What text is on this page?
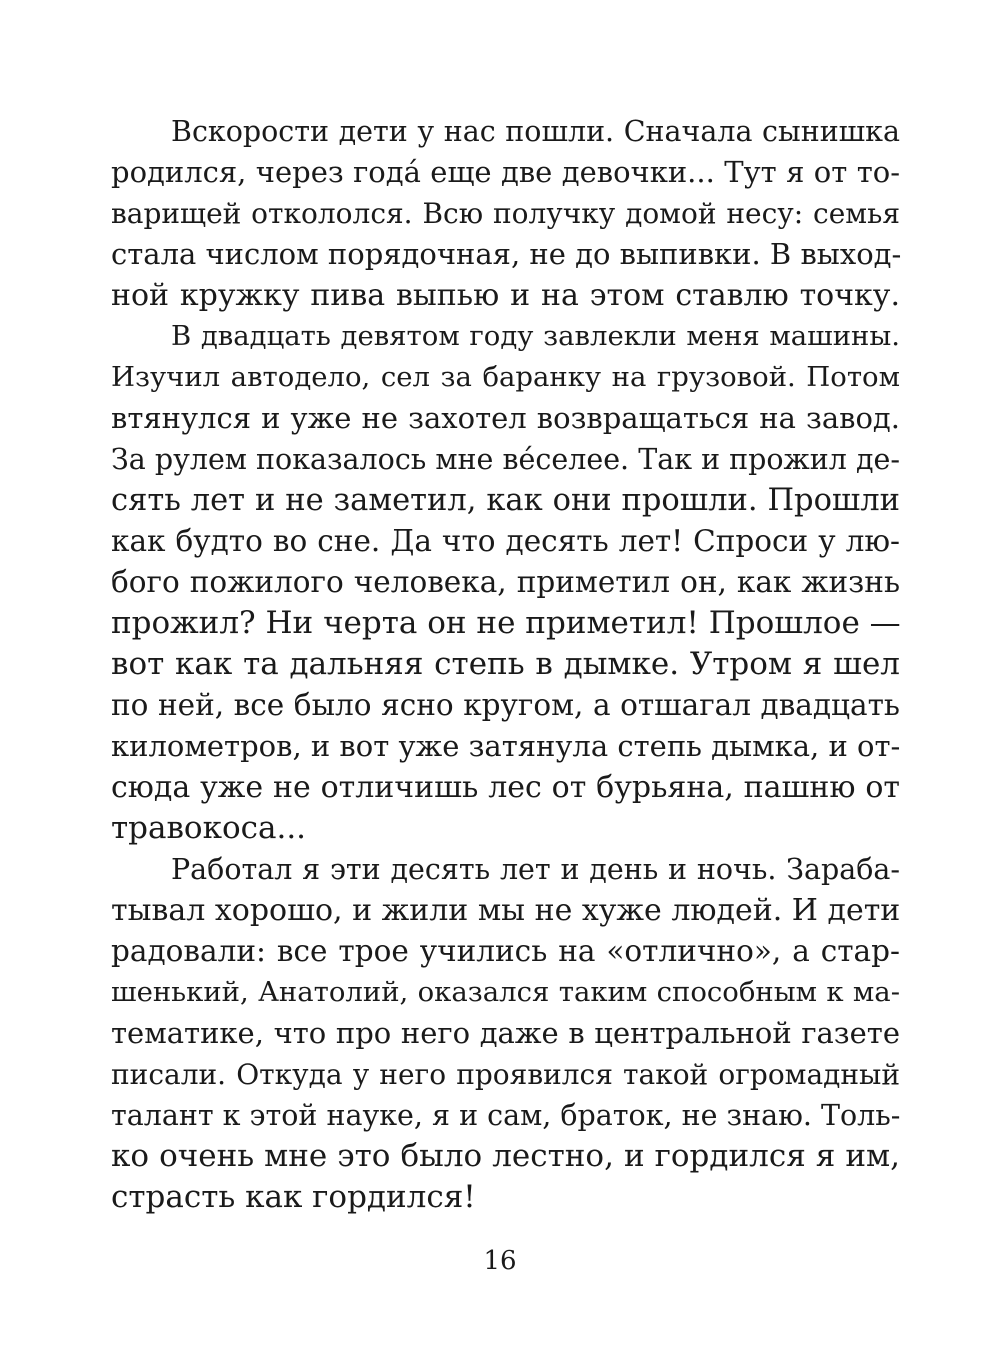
Вскорости дети у нас пошли. Сначала сынишка
родился, через года́ еще две девочки... Тут я от то-
варищей откололся. Всю получку домой несу: семья
стала числом порядочная, не до выпивки. В выход-
ной кружку пива выпью и на этом ставлю точку.

В двадцать девятом году завлекли меня машины.
Изучил автодело, сел за баранку на грузовой. Потом
втянулся и уже не захотел возвращаться на завод.
За рулем показалось мне ве́селее. Так и прожил де-
сять лет и не заметил, как они прошли. Прошли
как будто во сне. Да что десять лет! Спроси у лю-
бого пожилого человека, приметил он, как жизнь
прожил? Ни черта он не приметил! Прошлое —
вот как та дальняя степь в дымке. Утром я шел
по ней, все было ясно кругом, а отшагал двадцать
километров, и вот уже затянула степь дымка, и от-
сюда уже не отличишь лес от бурьяна, пашню от
травокоса...

Работал я эти десять лет и день и ночь. Зараба-
тывал хорошо, и жили мы не хуже людей. И дети
радовали: все трое учились на «отлично», а стар-
шенький, Анатолий, оказался таким способным к ма-
тематике, что про него даже в центральной газете
писали. Откуда у него проявился такой огромадный
талант к этой науке, я и сам, браток, не знаю. Толь-
ко очень мне это было лестно, и гордился я им,
страсть как гордился!

16
